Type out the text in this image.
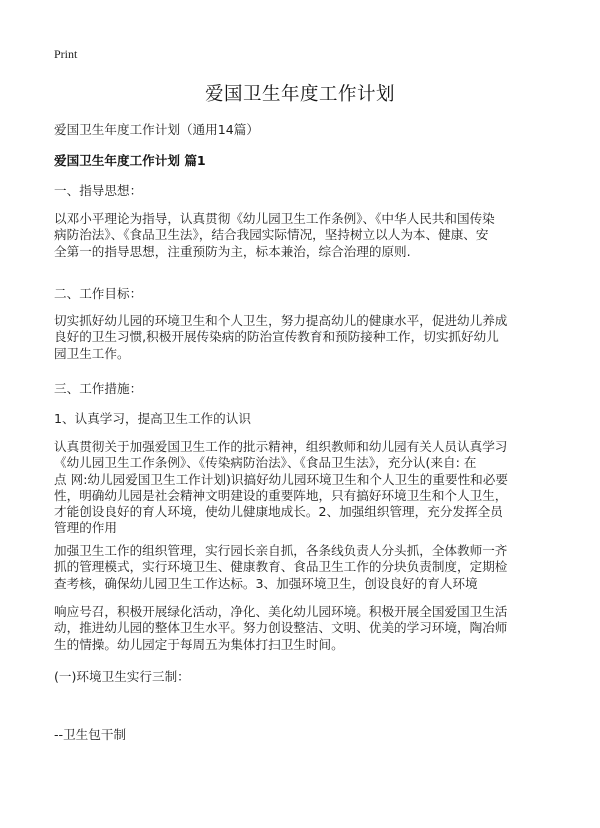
Print
爱国卫生年度工作计划
爱国卫生年度工作计划（通用14篇）
爱国卫生年度工作计划 篇1
一、指导思想：
以邓小平理论为指导，认真贯彻《幼儿园卫生工作条例》、《中华人民共和国传染
病防治法》、《食品卫生法》，结合我园实际情况，坚持树立以人为本、健康、安
全第一的指导思想，注重预防为主，标本兼治，综合治理的原则.
二、工作目标：
切实抓好幼儿园的环境卫生和个人卫生，努力提高幼儿的健康水平，促进幼儿养成
良好的卫生习惯,积极开展传染病的防治宣传教育和预防接种工作，切实抓好幼儿
园卫生工作。
三、工作措施：
1、认真学习，提高卫生工作的认识
认真贯彻关于加强爱国卫生工作的批示精神，组织教师和幼儿园有关人员认真学习
《幼儿园卫生工作条例》、《传染病防治法》、《食品卫生法》，充分认(来自: 在
点 网:幼儿园爱国卫生工作计划)识搞好幼儿园环境卫生和个人卫生的重要性和必要
性，明确幼儿园是社会精神文明建设的重要阵地，只有搞好环境卫生和个人卫生，
才能创设良好的育人环境，使幼儿健康地成长。2、加强组织管理，充分发挥全员
管理的作用
加强卫生工作的组织管理，实行园长亲自抓，各条线负责人分头抓，全体教师一齐
抓的管理模式，实行环境卫生、健康教育、食品卫生工作的分块负责制度，定期检
查考核，确保幼儿园卫生工作达标。3、加强环境卫生，创设良好的育人环境
响应号召，积极开展绿化活动，净化、美化幼儿园环境。积极开展全国爱国卫生活
动，推进幼儿园的整体卫生水平。努力创设整洁、文明、优美的学习环境，陶冶师
生的情操。幼儿园定于每周五为集体打扫卫生时间。
(一)环境卫生实行三制：
--卫生包干制
